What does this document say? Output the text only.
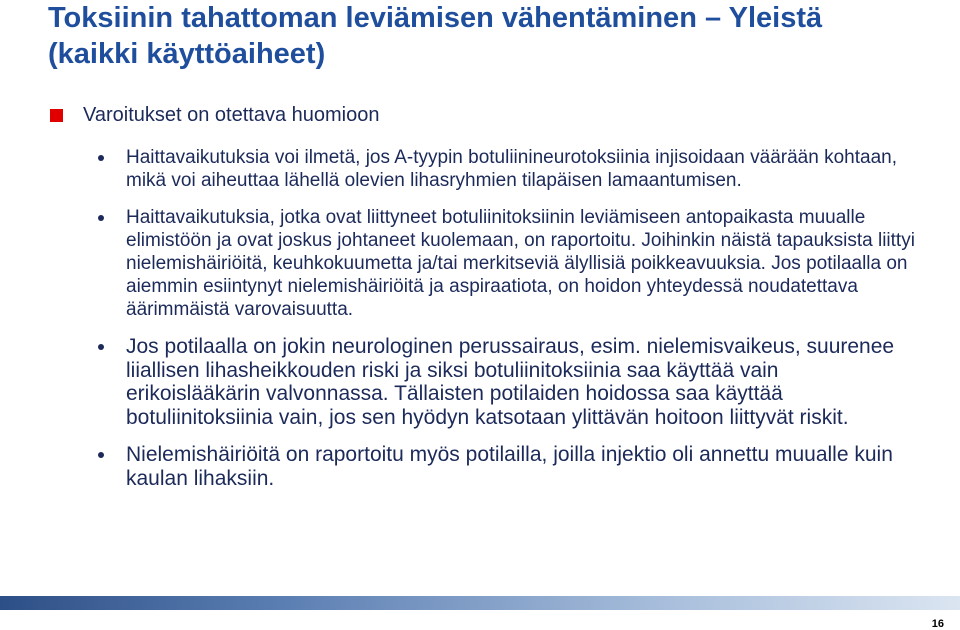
Toksiinin tahattoman leviämisen vähentäminen – Yleistä
(kaikki käyttöaiheet)
Varoitukset on otettava huomioon
Haittavaikutuksia voi ilmetä, jos A-tyypin botuliinineurotoksiinia injisoidaan väärään kohtaan, mikä voi aiheuttaa lähellä olevien lihasryhmien tilapäisen lamaantumisen.
Haittavaikutuksia, jotka ovat liittyneet botuliinitoksiinin leviämiseen antopaikasta muualle elimistöön ja ovat joskus johtaneet kuolemaan, on raportoitu. Joihinkin näistä tapauksista liittyi nielemishäiriöitä, keuhkokuumetta ja/tai merkitseviä älyllisiä poikkeavuuksia. Jos potilaalla on aiemmin esiintynyt nielemishäiriöitä ja aspiraatiota, on hoidon yhteydessä noudatettava äärimmäistä varovaisuutta.
Jos potilaalla on jokin neurologinen perussairaus, esim. nielemisvaikeus, suurenee liiallisen lihasheikkouden riski ja siksi botuliinitoksiinia saa käyttää vain erikoislääkärin valvonnassa. Tällaisten potilaiden hoidossa saa käyttää botuliinitoksiinia vain, jos sen hyödyn katsotaan ylittävän hoitoon liittyvät riskit.
Nielemishäiriöitä on raportoitu myös potilailla, joilla injektio oli annettu muualle kuin kaulan lihaksiin.
16
